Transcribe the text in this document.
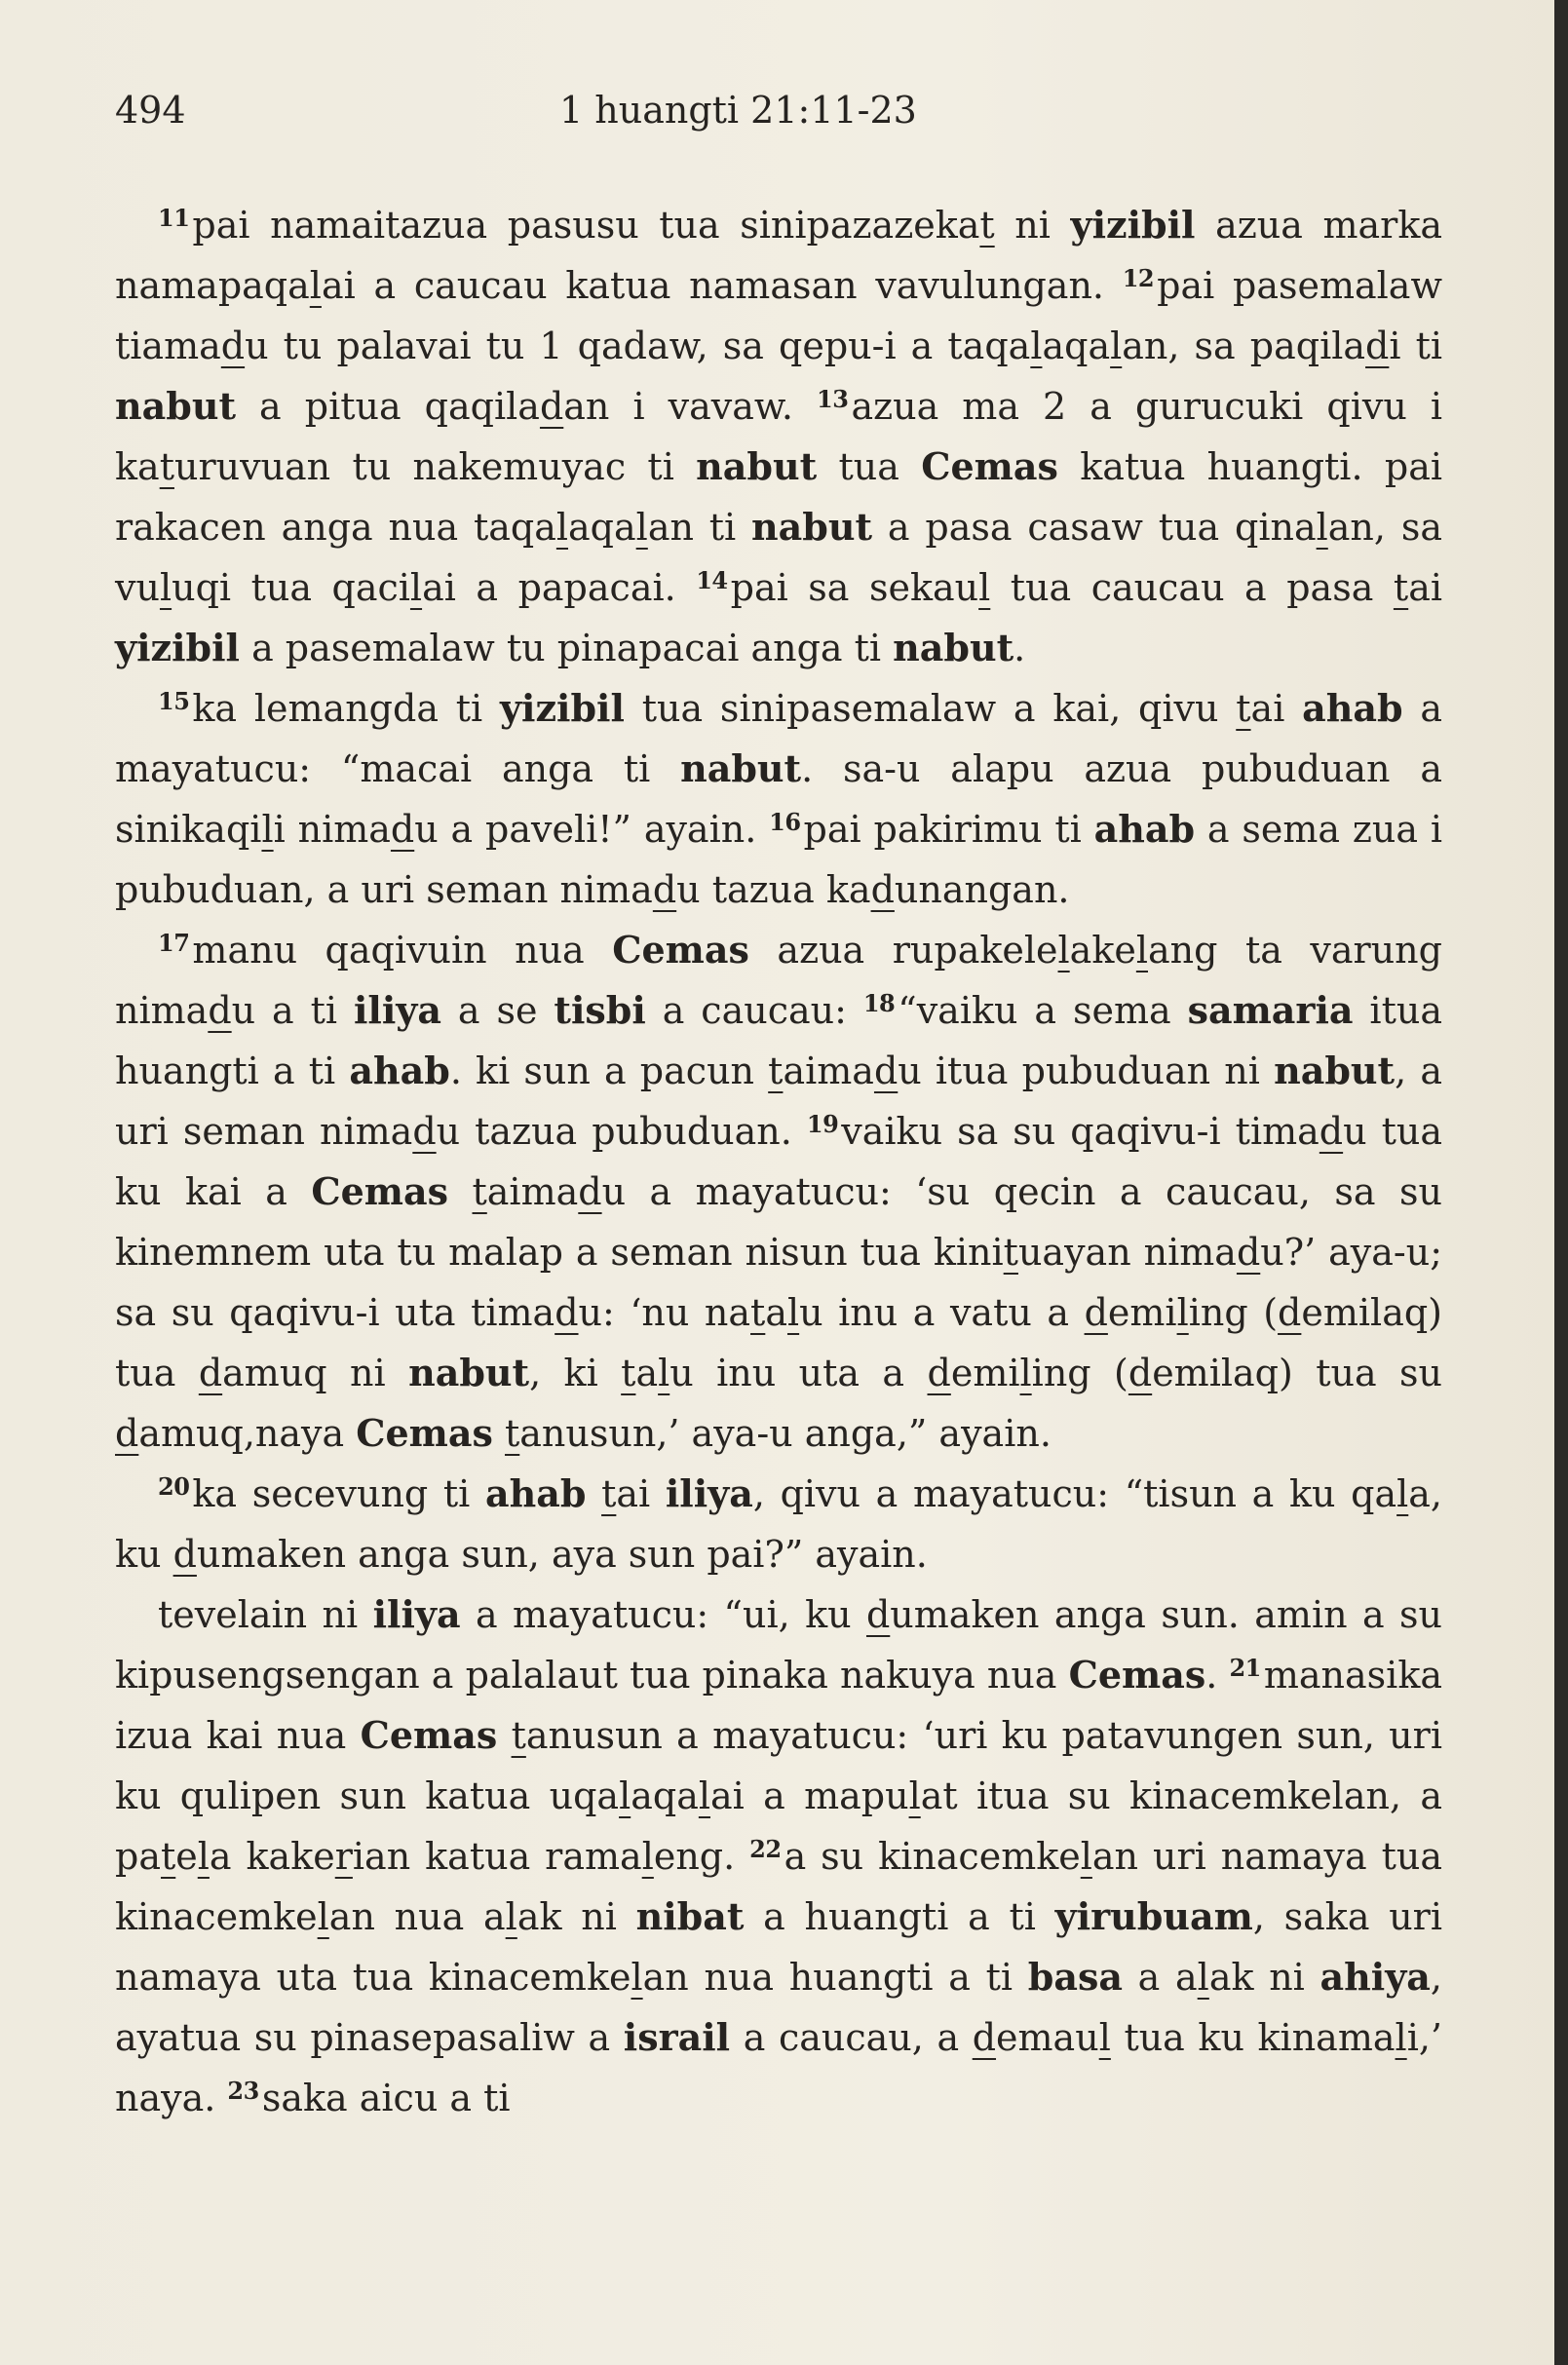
494	1 huangti 21:11-23

$^{11}$pai namaitazua pasusu tua sinipazazekat ni yizibil azua marka namapaqalai a caucau katua namasan vavulungan. $^{12}$pai pasemalaw tiamadu tu palavai tu 1 qadaw, sa qepu-i a taqalaqalan, sa paqiladi ti nabut a pitua qaqiladan i vavaw. $^{13}$azua ma 2 a gurucuki qivu i katuruvuan tu nakemuyac ti nabut tua Cemas katua huangti. pai rakacen anga nua taqalaqalan ti nabut a pasa casaw tua qinalan, sa vuluqi tua qacilai a papacai. $^{14}$pai sa sekaul tua caucau a pasa tai yizibil a pasemalaw tu pinapacai anga ti nabut.

$^{15}$ka lemangda ti yizibil tua sinipasemalaw a kai, qivu tai ahab a mayatucu: “macai anga ti nabut. sa-u alapu azua pubuduan a sinikaqili nimadu a paveli!” ayain. $^{16}$pai pakirimu ti ahab a sema zua i pubuduan, a uri seman nimadu tazua kadunangan.

$^{17}$manu qaqivuin nua Cemas azua rupakelelakelang ta varung nimadu a ti iliya a se tisbi a caucau: $^{18}$“vaiku a sema samaria itua huangti a ti ahab. ki sun a pacun taimadu itua pubuduan ni nabut, a uri seman nimadu tazua pubuduan. $^{19}$vaiku sa su qaqivu-i timadu tua ku kai a Cemas taimadu a mayatucu: ‘su qecin a caucau, sa su kinemnem uta tu malap a seman nisun tua kinituayan nimadu?’ aya-u; sa su qaqivu-i uta timadu: ‘nu natalu inu a vatu a demiling (demilaq) tua damuq ni nabut, ki talu inu uta a demiling (demilaq) tua su damuq,naya Cemas tanusun,’ aya-u anga,” ayain.

$^{20}$ka secevung ti ahab tai iliya, qivu a mayatucu: “tisun a ku qala, ku dumaken anga sun, aya sun pai?” ayain.

tevelain ni iliya a mayatucu: “ui, ku dumaken anga sun. amin a su kipusengsengan a palalaut tua pinaka nakuya nua Cemas. $^{21}$manasika izua kai nua Cemas tanusun a mayatucu: ‘uri ku patavungen sun, uri ku qulipen sun katua uqalaqalai a mapulat itua su kinacemkelan, a patela kakerian katua ramaleng. $^{22}$a su kinacemkelan uri namaya tua kinacemkelan nua alak ni nibat a huangti a ti yirubuam, saka uri namaya uta tua kinacemkelan nua huangti a ti basa a alak ni ahiya, ayatua su pinasepasaliw a israil a caucau, a demaul tua ku kinamali,’ naya. $^{23}$saka aicu a ti
